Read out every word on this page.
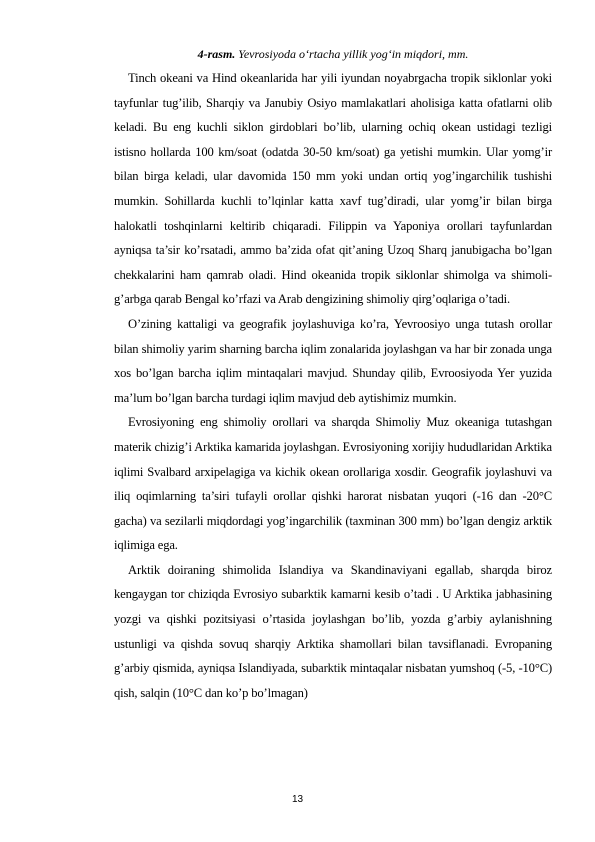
4-rasm. Yevrosiyoda o‘rtacha yillik yog‘in miqdori, mm.

Tinch okeani va Hind okeanlarida har yili iyundan noyabrgacha tropik siklonlar yoki tayfunlar tug’ilib, Sharqiy va Janubiy Osiyo mamlakatlari aholisiga katta ofatlarni olib keladi. Bu eng kuchli siklon girdoblari bo’lib, ularning ochiq okean ustidagi tezligi istisno hollarda 100 km/soat (odatda 30-50 km/soat) ga yetishi mumkin. Ular yomg’ir bilan birga keladi, ular davomida 150 mm yoki undan ortiq yog’ingarchilik tushishi mumkin. Sohillarda kuchli to’lqinlar katta xavf tug’diradi, ular yomg’ir bilan birga halokatli toshqinlarni keltirib chiqaradi. Filippin va Yaponiya orollari tayfunlardan ayniqsa ta’sir ko’rsatadi, ammo ba’zida ofat qit’aning Uzoq Sharq janubigacha bo’lgan chekkalarini ham qamrab oladi. Hind okeanida tropik siklonlar shimolga va shimoli-g’arbga qarab Bengal ko’rfazi va Arab dengizining shimoliy qirg’oqlariga o’tadi.

O’zining kattaligi va geografik joylashuviga ko’ra, Yevroosiyo unga tutash orollar bilan shimoliy yarim sharning barcha iqlim zonalarida joylashgan va har bir zonada unga xos bo’lgan barcha iqlim mintaqalari mavjud. Shunday qilib, Evroosiyoda Yer yuzida ma’lum bo’lgan barcha turdagi iqlim mavjud deb aytishimiz mumkin.

Evrosiyoning eng shimoliy orollari va sharqda Shimoliy Muz okeaniga tutashgan materik chizig’i Arktika kamarida joylashgan. Evrosiyoning xorijiy hududlaridan Arktika iqlimi Svalbard arxipelagiga va kichik okean orollariga xosdir. Geografik joylashuvi va iliq oqimlarning ta’siri tufayli orollar qishki harorat nisbatan yuqori (-16 dan -20°C gacha) va sezilarli miqdordagi yog’ingarchilik (taxminan 300 mm) bo’lgan dengiz arktik iqlimiga ega.

Arktik doiraning shimolida Islandiya va Skandinaviyani egallab, sharqda biroz kengaygan tor chiziqda Evrosiyo subarktik kamarni kesib o’tadi . U Arktika jabhasining yozgi va qishki pozitsiyasi o’rtasida joylashgan bo’lib, yozda g’arbiy aylanishning ustunligi va qishda sovuq sharqiy Arktika shamollari bilan tavsiflanadi. Evropaning g’arbiy qismida, ayniqsa Islandiyada, subarktik mintaqalar nisbatan yumshoq (-5, -10°C) qish, salqin (10°C dan ko’p bo’lmagan)

13
